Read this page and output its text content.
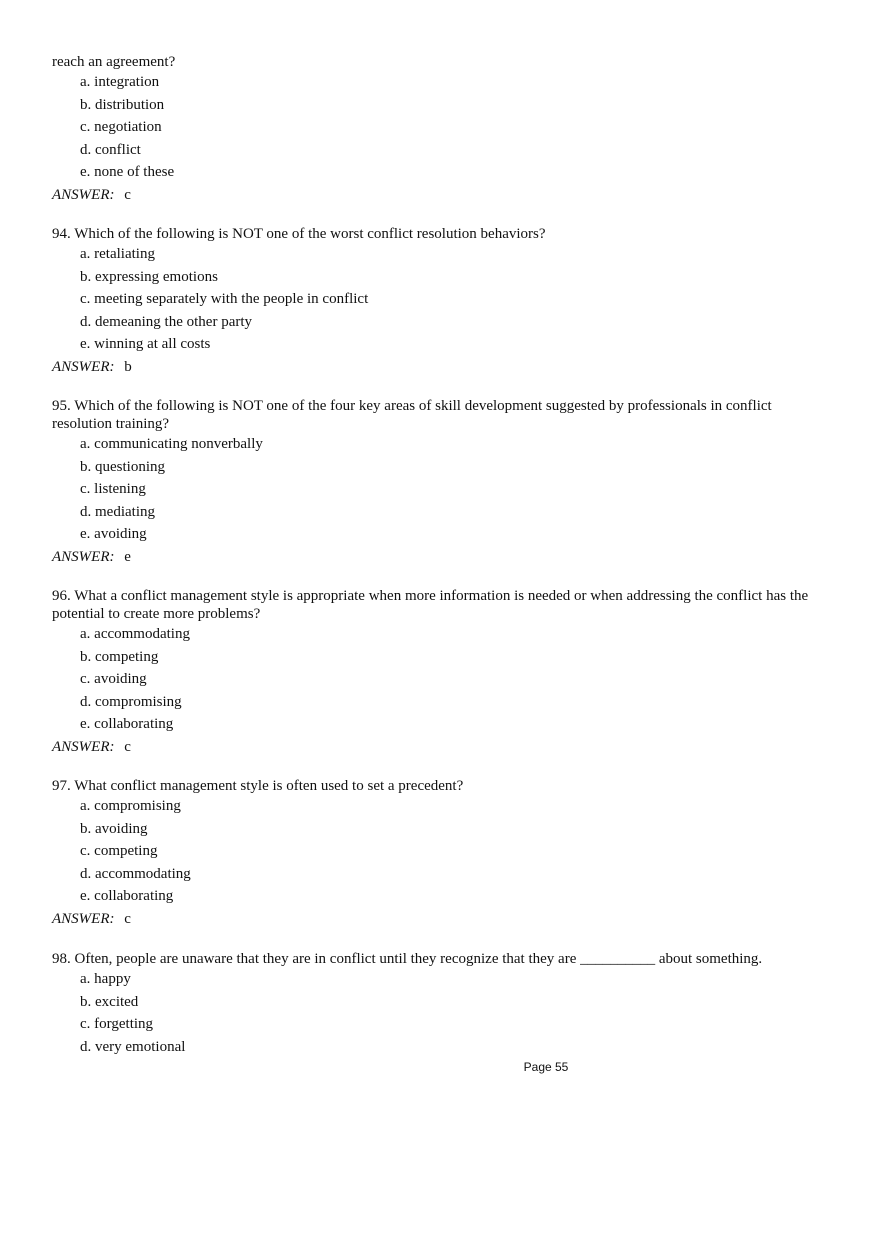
reach an agreement?

a. integration
b. distribution
c. negotiation
d. conflict
e. none of these
ANSWER: c

94. Which of the following is NOT one of the worst conflict resolution behaviors?

a. retaliating
b. expressing emotions
c. meeting separately with the people in conflict
d. demeaning the other party
e. winning at all costs
ANSWER: b

95. Which of the following is NOT one of the four key areas of skill development suggested by professionals in conflict resolution training?

a. communicating nonverbally
b. questioning
c. listening
d. mediating
e. avoiding
ANSWER: e

96. What a conflict management style is appropriate when more information is needed or when addressing the conflict has the potential to create more problems?

a. accommodating
b. competing
c. avoiding
d. compromising
e. collaborating
ANSWER: c

97. What conflict management style is often used to set a precedent?

a. compromising
b. avoiding
c. competing
d. accommodating
e. collaborating
ANSWER: c

98. Often, people are unaware that they are in conflict until they recognize that they are __________ about something.

a. happy
b. excited
c. forgetting
d. very emotional
Page 55
